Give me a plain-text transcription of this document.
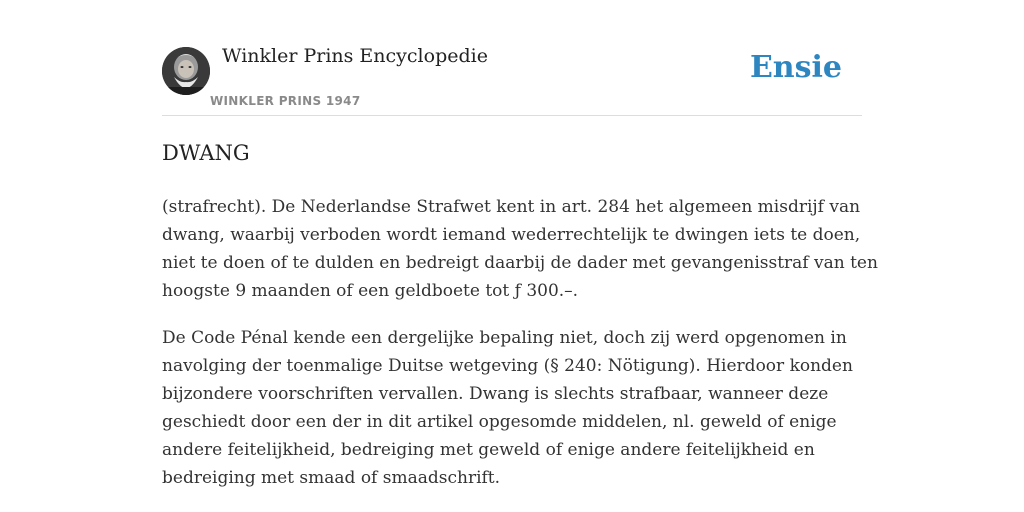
Winkler Prins Encyclopedie
WINKLER PRINS 1947
Ensie
DWANG

(strafrecht). De Nederlandse Strafwet kent in art. 284 het algemeen misdrijf van
dwang, waarbij verboden wordt iemand wederrechtelijk te dwingen iets te doen,
niet te doen of te dulden en bedreigt daarbij de dader met gevangenisstraf van ten
hoogste 9 maanden of een geldboete tot ƒ 300.–.

De Code Pénal kende een dergelijke bepaling niet, doch zij werd opgenomen in
navolging der toenmalige Duitse wetgeving (§ 240: Nötigung). Hierdoor konden
bijzondere voorschriften vervallen. Dwang is slechts strafbaar, wanneer deze
geschiedt door een der in dit artikel opgesomde middelen, nl. geweld of enige
andere feitelijkheid, bedreiging met geweld of enige andere feitelijkheid en
bedreiging met smaad of smaadschrift.
